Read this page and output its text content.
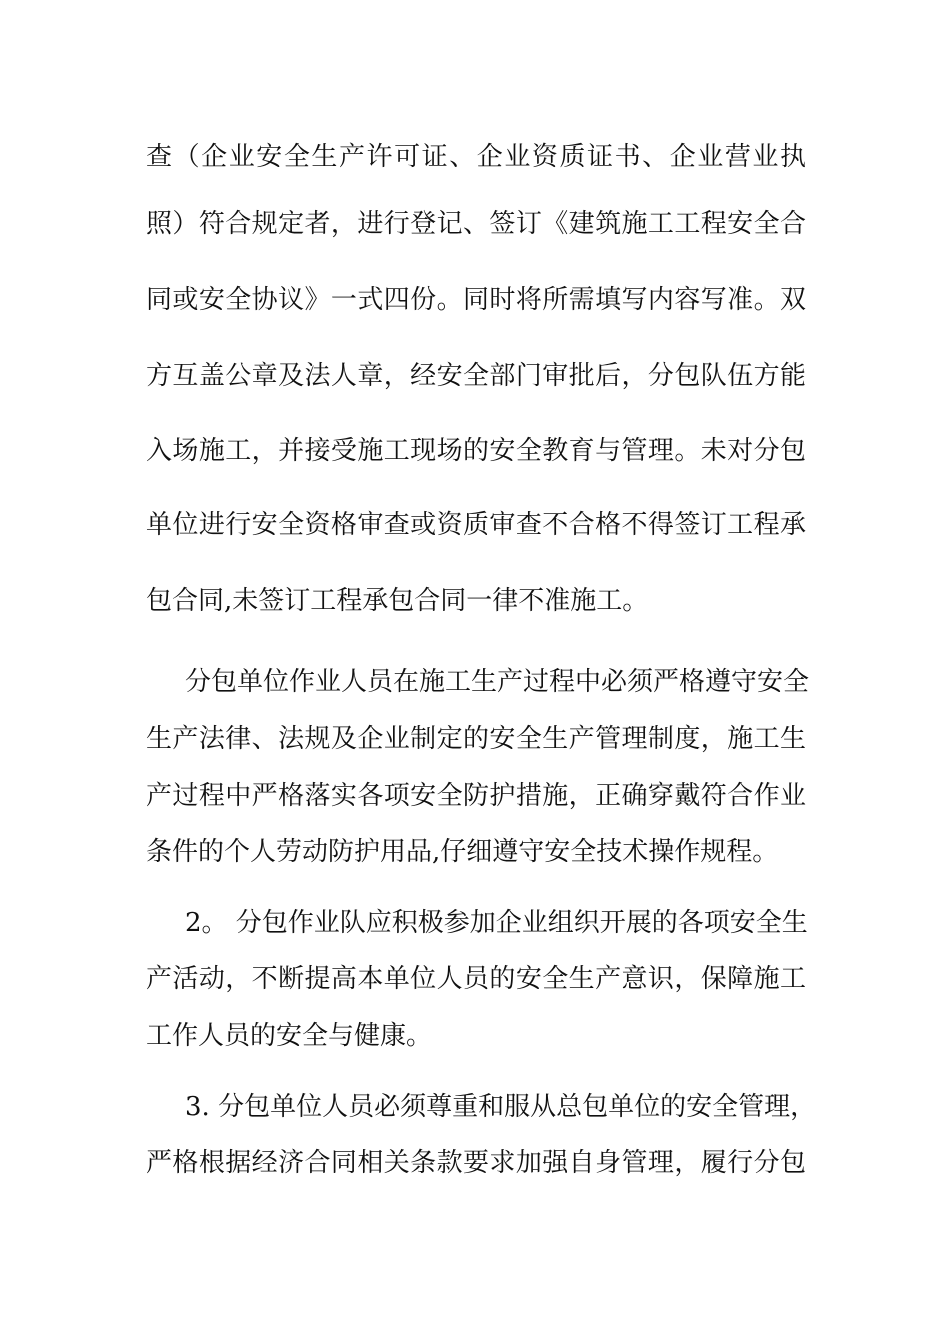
查（企业安全生产许可证、企业资质证书、企业营业执
照）符合规定者，进行登记、签订《建筑施工工程安全合
同或安全协议》一式四份。同时将所需填写内容写准。双
方互盖公章及法人章，经安全部门审批后，分包队伍方能
入场施工，并接受施工现场的安全教育与管理。未对分包
单位进行安全资格审查或资质审查不合格不得签订工程承
包合同,未签订工程承包合同一律不准施工。
分包单位作业人员在施工生产过程中必须严格遵守安全
生产法律、法规及企业制定的安全生产管理制度，施工生
产过程中严格落实各项安全防护措施，正确穿戴符合作业
条件的个人劳动防护用品,仔细遵守安全技术操作规程。
2。 分包作业队应积极参加企业组织开展的各项安全生
产活动，不断提高本单位人员的安全生产意识，保障施工
工作人员的安全与健康。
3. 分包单位人员必须尊重和服从总包单位的安全管理，
严格根据经济合同相关条款要求加强自身管理，履行分包
